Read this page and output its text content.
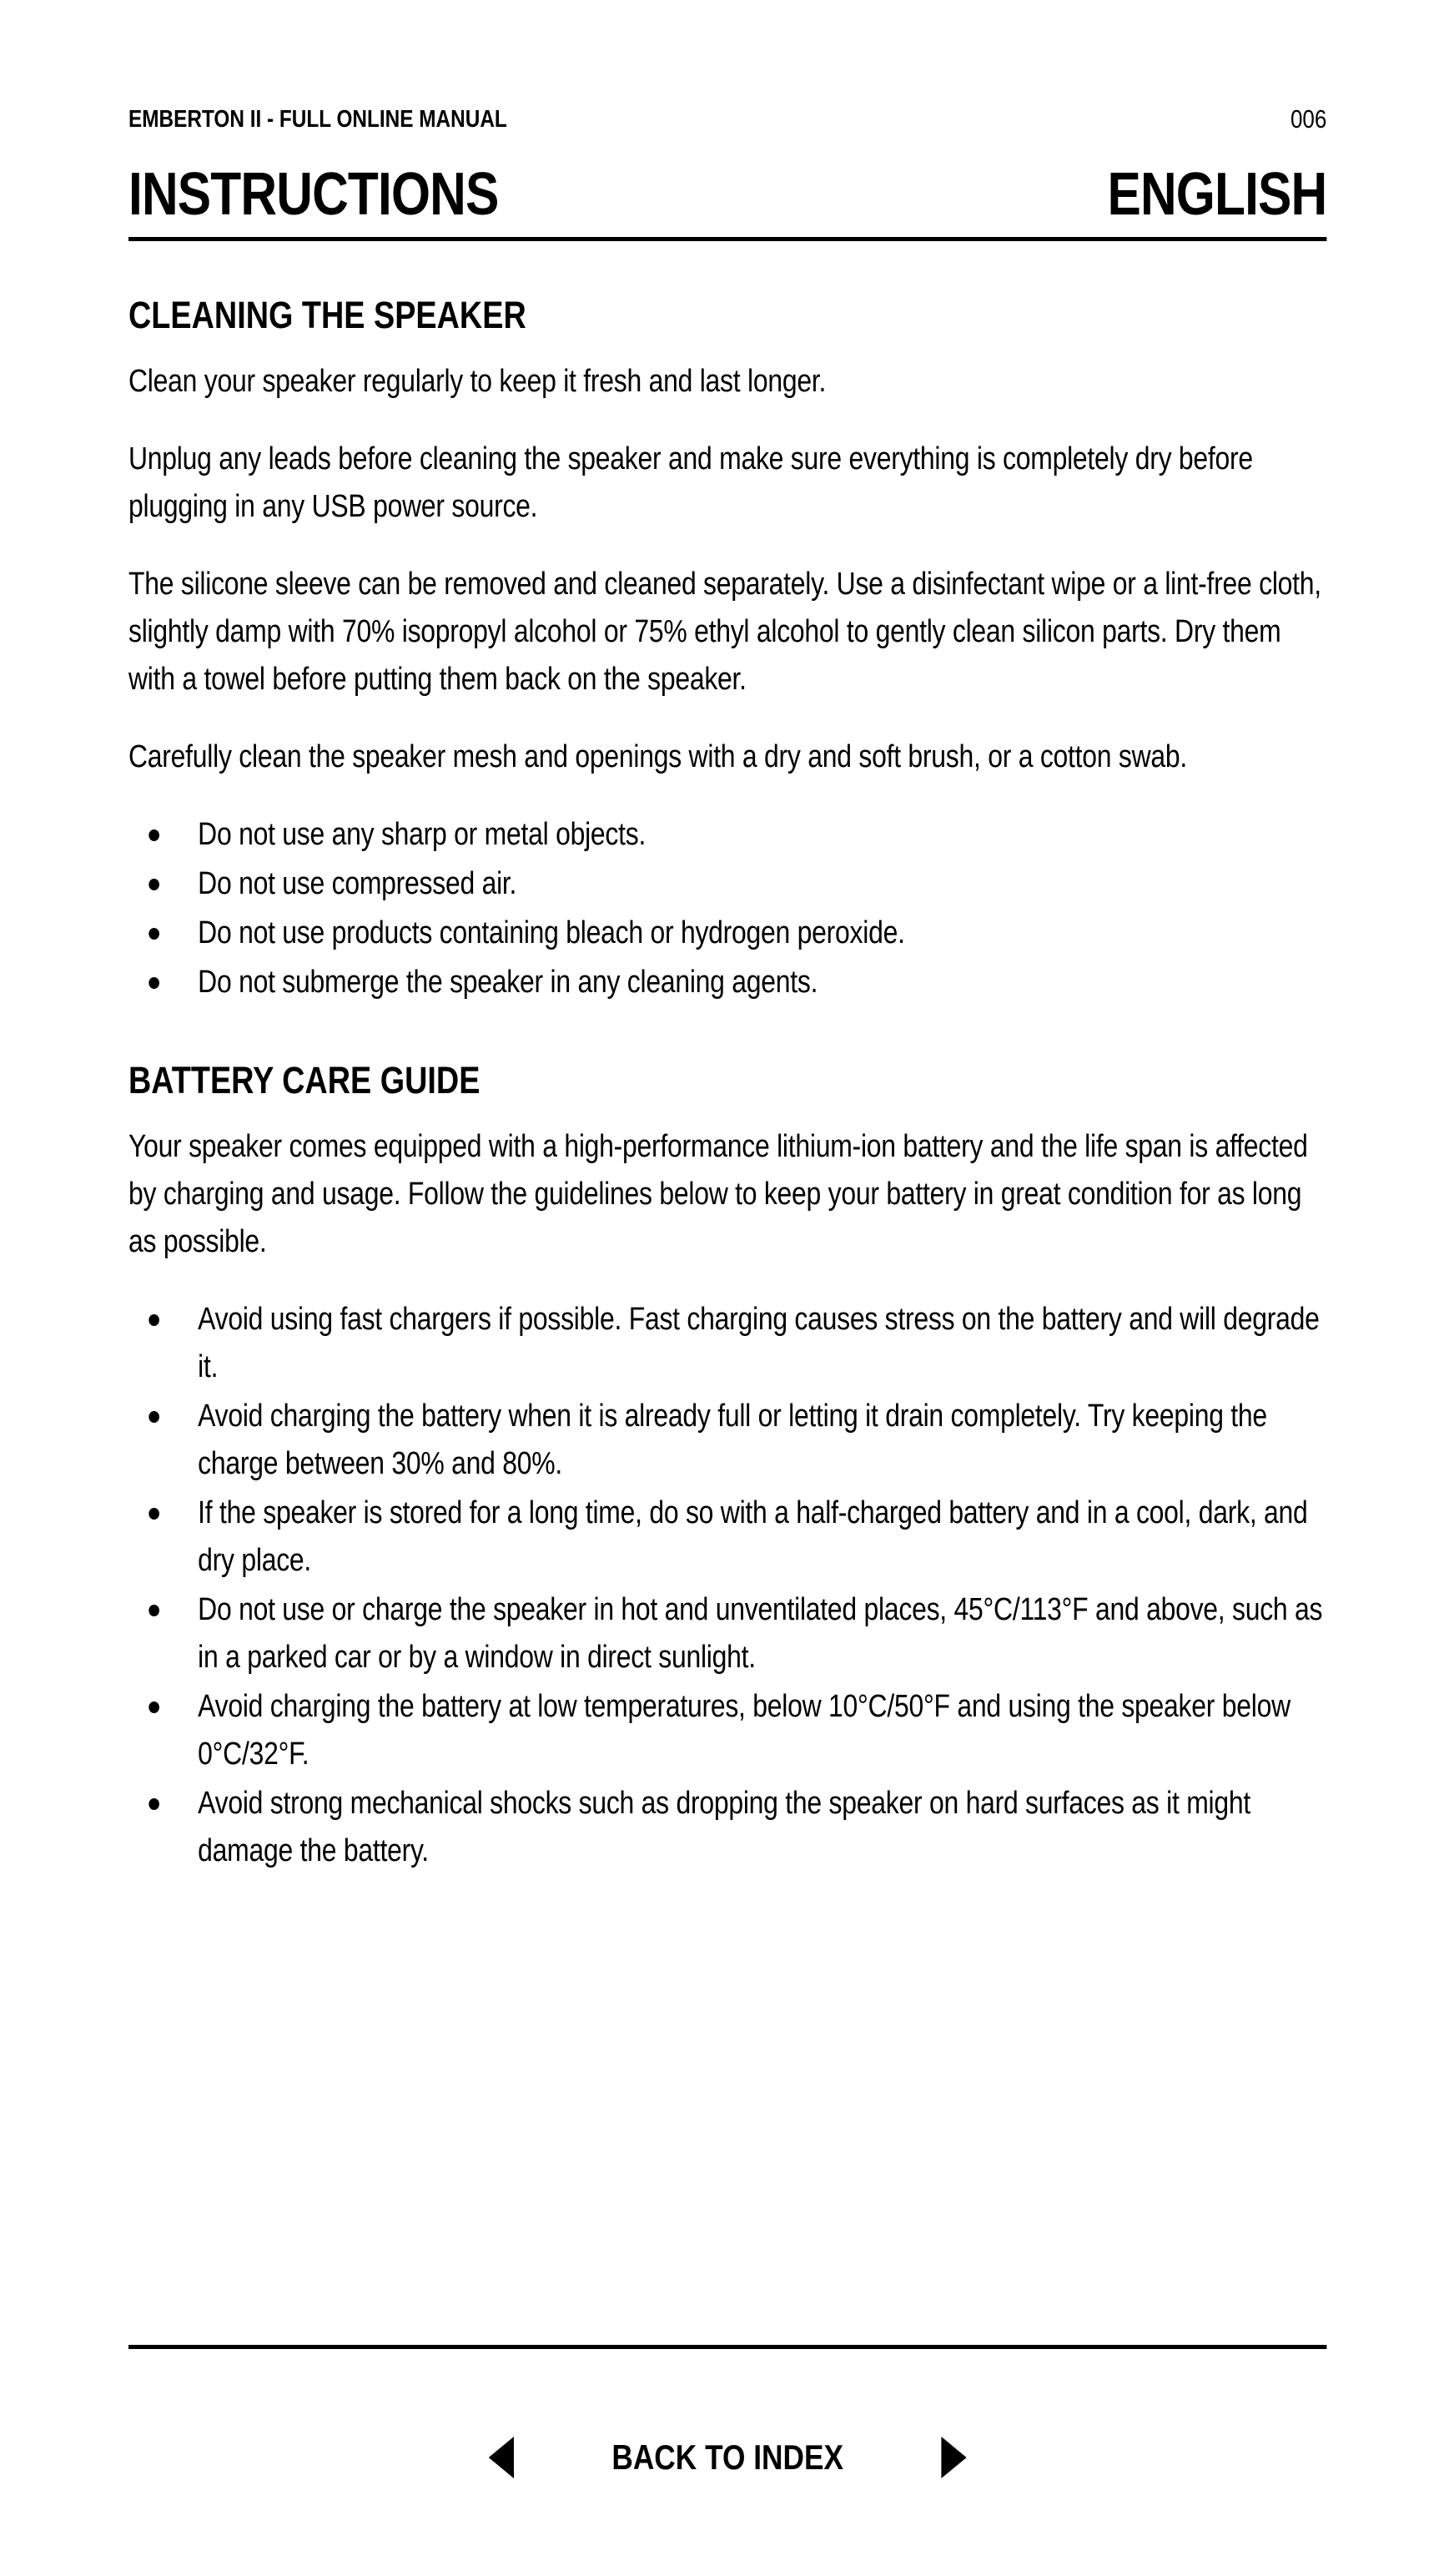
EMBERTON II - FULL ONLINE MANUAL	006
INSTRUCTIONS	ENGLISH
CLEANING THE SPEAKER

Clean your speaker regularly to keep it fresh and last longer.

Unplug any leads before cleaning the speaker and make sure everything is completely dry before plugging in any USB power source.

The silicone sleeve can be removed and cleaned separately. Use a disinfectant wipe or a lint-free cloth, slightly damp with 70% isopropyl alcohol or 75% ethyl alcohol to gently clean silicon parts. Dry them with a towel before putting them back on the speaker.

Carefully clean the speaker mesh and openings with a dry and soft brush, or a cotton swab.

Do not use any sharp or metal objects.
Do not use compressed air.
Do not use products containing bleach or hydrogen peroxide.
Do not submerge the speaker in any cleaning agents.
BATTERY CARE GUIDE

Your speaker comes equipped with a high-performance lithium-ion battery and the life span is affected by charging and usage. Follow the guidelines below to keep your battery in great condition for as long as possible.

Avoid using fast chargers if possible. Fast charging causes stress on the battery and will degrade it.
Avoid charging the battery when it is already full or letting it drain completely. Try keeping the charge between 30% and 80%.
If the speaker is stored for a long time, do so with a half-charged battery and in a cool, dark, and dry place.
Do not use or charge the speaker in hot and unventilated places, 45°C/113°F and above, such as in a parked car or by a window in direct sunlight.
Avoid charging the battery at low temperatures, below 10°C/50°F and using the speaker below 0°C/32°F.
Avoid strong mechanical shocks such as dropping the speaker on hard surfaces as it might damage the battery.
BACK TO INDEX
